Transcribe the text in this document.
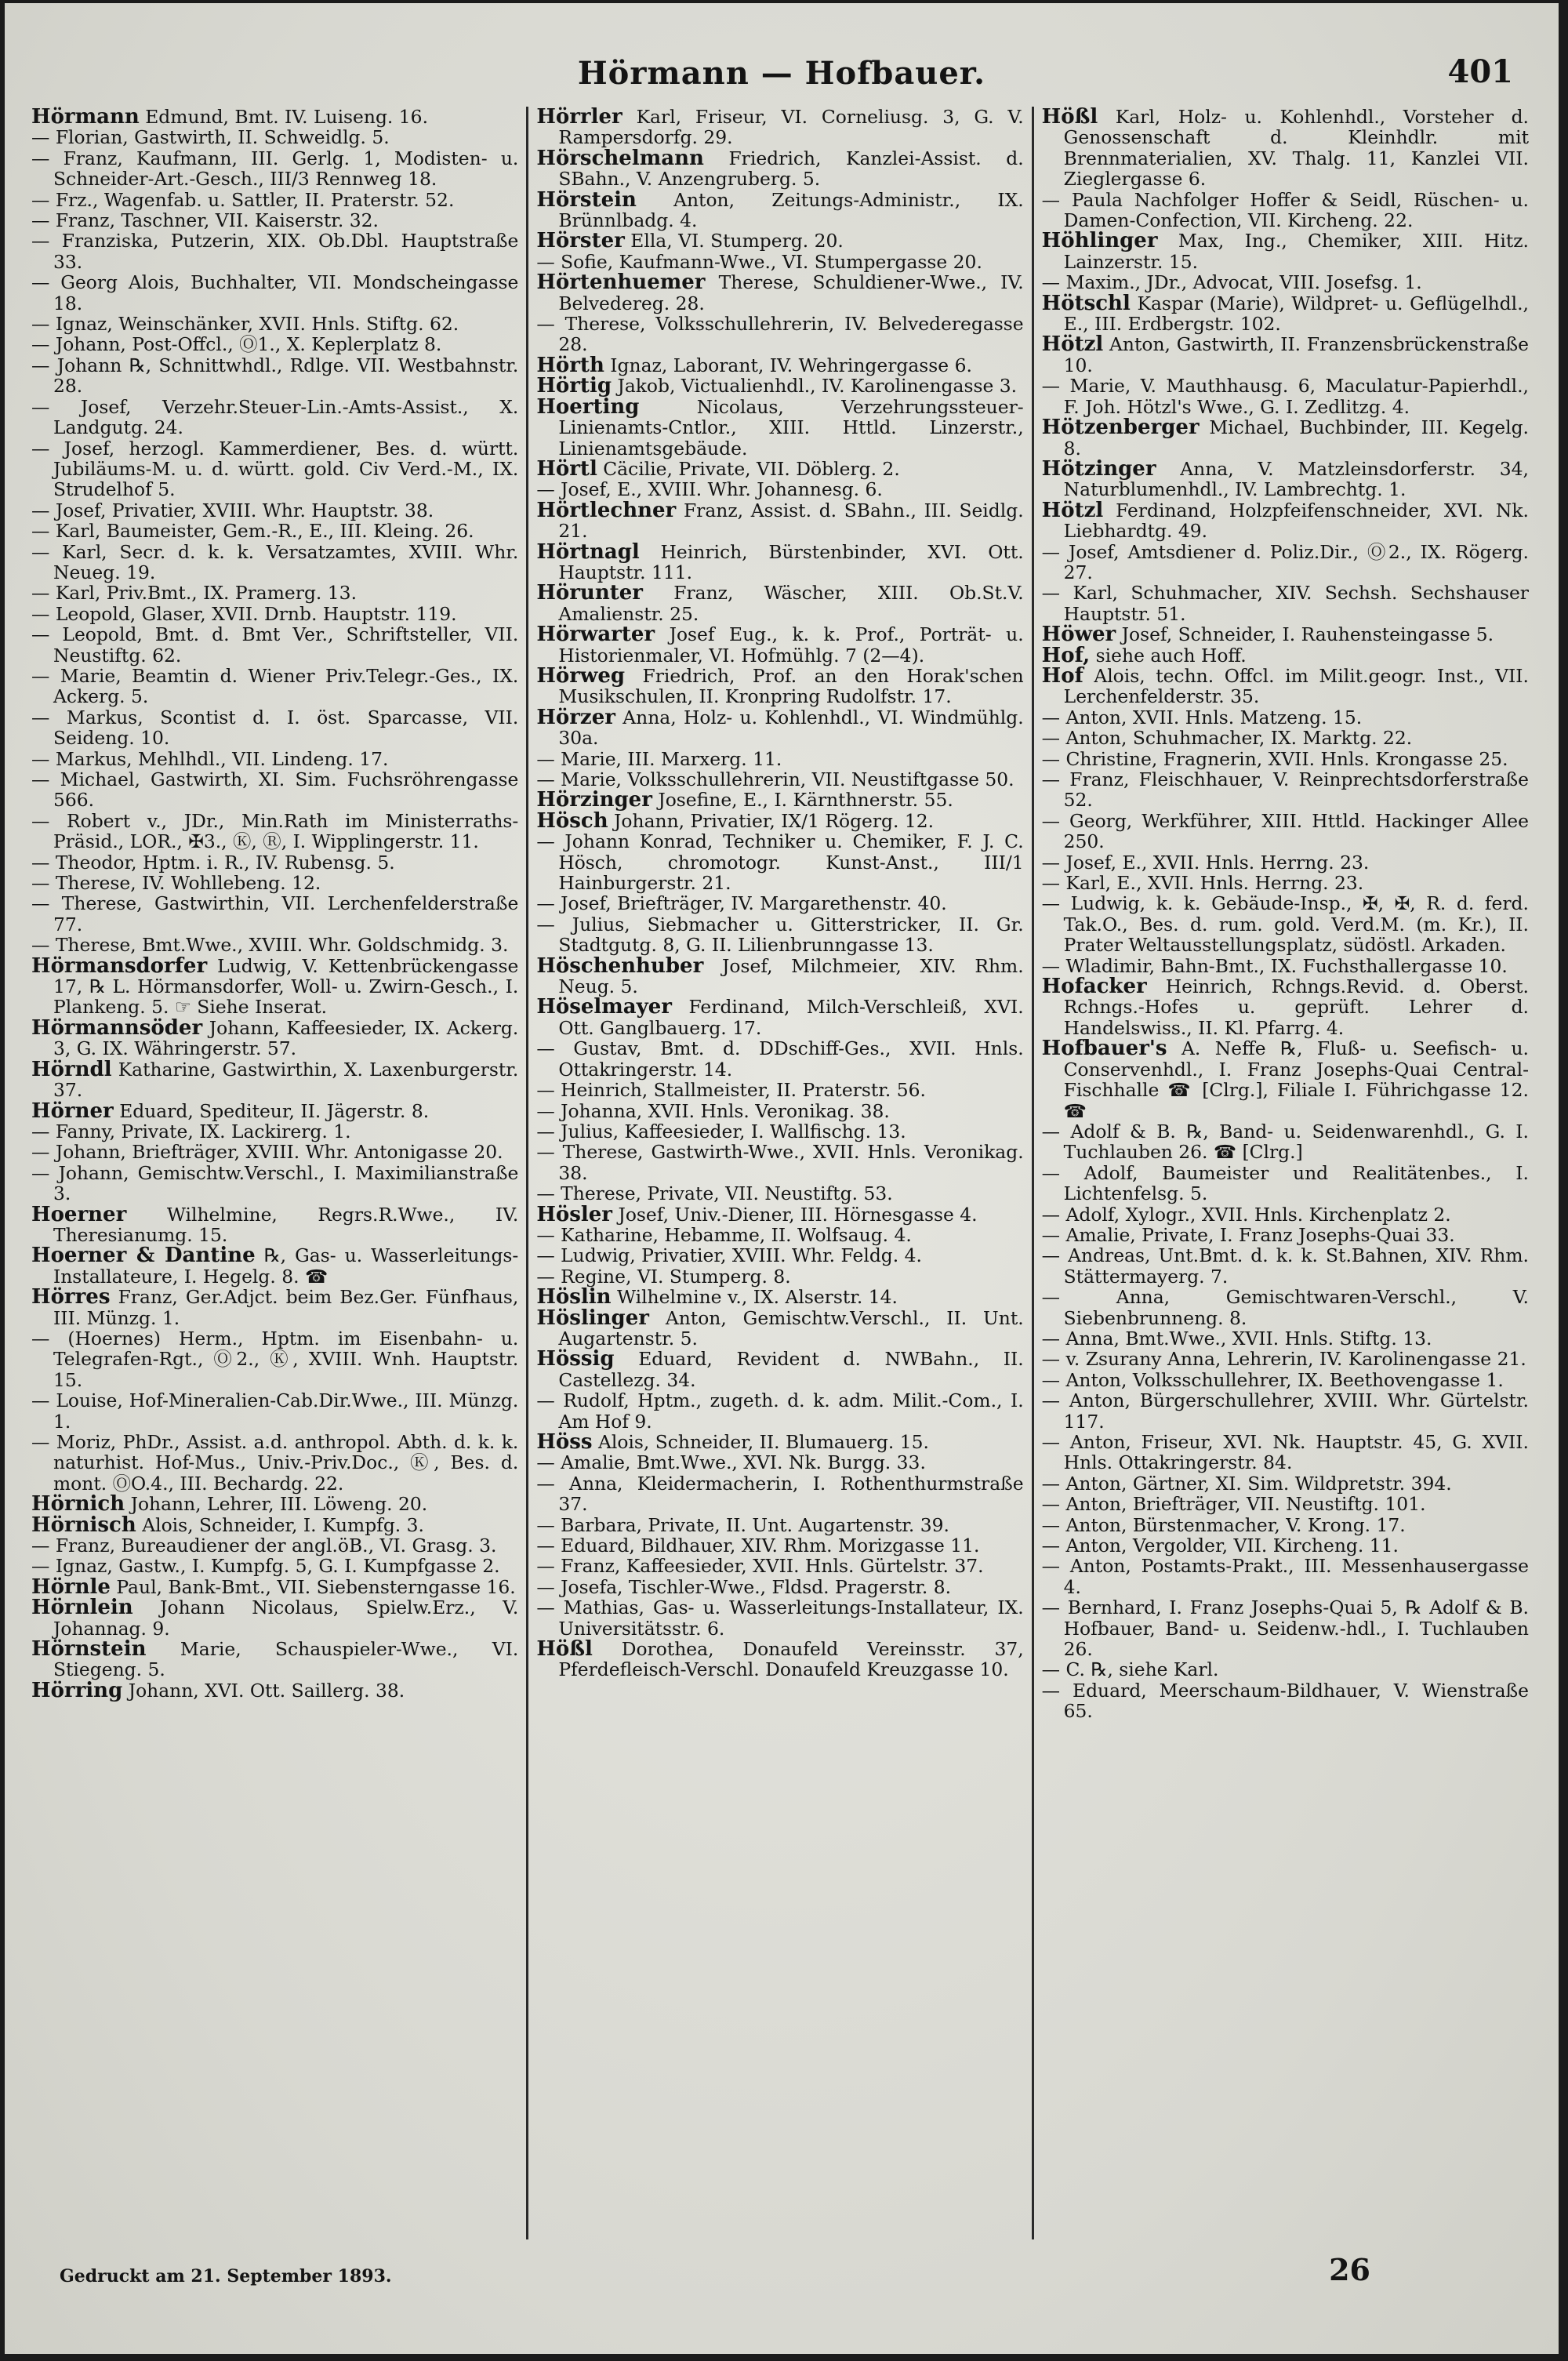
Hörmann — Hofbauer.	401

Hörmann Edmund, Bmt. IV. Luiseng. 16.

— Florian, Gastwirth, II. Schweidlg. 5.

— Franz, Kaufmann, III. Gerlg. 1, Modisten- u. Schneider-Art.-Gesch., III/3 Rennweg 18.

— Frz., Wagenfab. u. Sattler, II. Praterstr. 52.

— Franz, Taschner, VII. Kaiserstr. 32.

— Franziska, Putzerin, XIX. Ob.Dbl. Hauptstraße 33.

— Georg Alois, Buchhalter, VII. Mondscheingasse 18.

— Ignaz, Weinschänker, XVII. Hnls. Stiftg. 62.

— Johann, Post-Offcl., Ⓞ1., X. Keplerplatz 8.

— Johann ℞, Schnittwhdl., Rdlge. VII. Westbahnstr. 28.

— Josef, Verzehr.Steuer-Lin.-Amts-Assist., X. Landgutg. 24.

— Josef, herzogl. Kammerdiener, Bes. d. württ. Jubiläums-M. u. d. württ. gold. Civ Verd.-M., IX. Strudelhof 5.

— Josef, Privatier, XVIII. Whr. Hauptstr. 38.

— Karl, Baumeister, Gem.-R., E., III. Kleing. 26.

— Karl, Secr. d. k. k. Versatzamtes, XVIII. Whr. Neueg. 19.

— Karl, Priv.Bmt., IX. Pramerg. 13.

— Leopold, Glaser, XVII. Drnb. Hauptstr. 119.

— Leopold, Bmt. d. Bmt Ver., Schriftsteller, VII. Neustiftg. 62.

— Marie, Beamtin d. Wiener Priv.Telegr.-Ges., IX. Ackerg. 5.

— Markus, Scontist d. I. öst. Sparcasse, VII. Seideng. 10.

— Markus, Mehlhdl., VII. Lindeng. 17.

— Michael, Gastwirth, XI. Sim. Fuchsröhrengasse 566.

— Robert v., JDr., Min.Rath im Ministerraths-Präsid., LOR., ✠3., Ⓚ, Ⓡ, I. Wipplingerstr. 11.

— Theodor, Hptm. i. R., IV. Rubensg. 5.

— Therese, IV. Wohllebeng. 12.

— Therese, Gastwirthin, VII. Lerchenfelderstraße 77.

— Therese, Bmt.Wwe., XVIII. Whr. Goldschmidg. 3.

Hörmansdorfer Ludwig, V. Kettenbrückengasse 17, ℞ L. Hörmansdorfer, Woll- u. Zwirn-Gesch., I. Plankeng. 5. ☞ Siehe Inserat.

Hörmannsöder Johann, Kaffeesieder, IX. Ackerg. 3, G. IX. Währingerstr. 57.

Hörndl Katharine, Gastwirthin, X. Laxenburgerstr. 37.

Hörner Eduard, Spediteur, II. Jägerstr. 8.

— Fanny, Private, IX. Lackirerg. 1.

— Johann, Briefträger, XVIII. Whr. Antonigasse 20.

— Johann, Gemischtw.Verschl., I. Maximilianstraße 3.

Hoerner Wilhelmine, Regrs.R.Wwe., IV. Theresianumg. 15.

Hoerner & Dantine ℞, Gas- u. Wasserleitungs-Installateure, I. Hegelg. 8. ☎

Hörres Franz, Ger.Adjct. beim Bez.Ger. Fünfhaus, III. Münzg. 1.

— (Hoernes) Herm., Hptm. im Eisenbahn- u. Telegrafen-Rgt., Ⓞ2., Ⓚ, XVIII. Wnh. Hauptstr. 15.

— Louise, Hof-Mineralien-Cab.Dir.Wwe., III. Münzg. 1.

— Moriz, PhDr., Assist. a.d. anthropol. Abth. d. k. k. naturhist. Hof-Mus., Univ.-Priv.Doc., Ⓚ, Bes. d. mont. ⓄO.4., III. Bechardg. 22.

Hörnich Johann, Lehrer, III. Löweng. 20.

Hörnisch Alois, Schneider, I. Kumpfg. 3.

— Franz, Bureaudiener der angl.öB., VI. Grasg. 3.

— Ignaz, Gastw., I. Kumpfg. 5, G. I. Kumpfgasse 2.

Hörnle Paul, Bank-Bmt., VII. Siebensterngasse 16.

Hörnlein Johann Nicolaus, Spielw.Erz., V. Johannag. 9.

Hörnstein Marie, Schauspieler-Wwe., VI. Stiegeng. 5.

Hörring Johann, XVI. Ott. Saillerg. 38.

Hörrler Karl, Friseur, VI. Corneliusg. 3, G. V. Rampersdorfg. 29.

Hörschelmann Friedrich, Kanzlei-Assist. d. SBahn., V. Anzengruberg. 5.

Hörstein Anton, Zeitungs-Administr., IX. Brünnlbadg. 4.

Hörster Ella, VI. Stumperg. 20.

— Sofie, Kaufmann-Wwe., VI. Stumpergasse 20.

Hörtenhuemer Therese, Schuldiener-Wwe., IV. Belvedereg. 28.

— Therese, Volksschullehrerin, IV. Belvederegasse 28.

Hörth Ignaz, Laborant, IV. Wehringergasse 6.

Hörtig Jakob, Victualienhdl., IV. Karolinengasse 3.

Hoerting	Nicolaus, Verzehrungssteuer-Linienamts-Cntlor., XIII. Httld. Linzerstr., Linienamtsgebäude.

Hörtl Cäcilie, Private, VII. Döblerg. 2.

— Josef, E., XVIII. Whr. Johannesg. 6.

Hörtlechner Franz, Assist. d. SBahn., III. Seidlg. 21.

Hörtnagl Heinrich, Bürstenbinder, XVI. Ott. Hauptstr. 111.

Hörunter Franz, Wäscher, XIII. Ob.St.V. Amalienstr. 25.

Hörwarter Josef Eug., k. k. Prof., Porträt- u. Historienmaler, VI. Hofmühlg. 7 (2—4).

Hörweg Friedrich, Prof. an den Horak'schen Musikschulen, II. Kronpring Rudolfstr. 17.

Hörzer Anna, Holz- u. Kohlenhdl., VI. Windmühlg. 30a.

— Marie, III. Marxerg. 11.

— Marie, Volksschullehrerin, VII. Neustiftgasse 50.

Hörzinger Josefine, E., I. Kärnthnerstr. 55.

Hösch Johann, Privatier, IX/1 Rögerg. 12.

— Johann Konrad, Techniker u. Chemiker, F. J. C. Hösch, chromotogr. Kunst-Anst., III/1 Hainburgerstr. 21.

— Josef, Briefträger, IV. Margarethenstr. 40.

— Julius, Siebmacher u. Gitterstricker, II. Gr. Stadtgutg. 8, G. II. Lilienbrunngasse 13.

Höschenhuber Josef, Milchmeier, XIV. Rhm. Neug. 5.

Höselmayer Ferdinand, Milch-Verschleiß, XVI. Ott. Ganglbauerg. 17.

— Gustav, Bmt. d. DDschiff-Ges., XVII. Hnls. Ottakringerstr. 14.

— Heinrich, Stallmeister, II. Praterstr. 56.

— Johanna, XVII. Hnls. Veronikag. 38.

— Julius, Kaffeesieder, I. Wallfischg. 13.

— Therese, Gastwirth-Wwe., XVII. Hnls. Veronikag. 38.

— Therese, Private, VII. Neustiftg. 53.

Hösler Josef, Univ.-Diener, III. Hörnesgasse 4.

— Katharine, Hebamme, II. Wolfsaug. 4.

— Ludwig, Privatier, XVIII. Whr. Feldg. 4.

— Regine, VI. Stumperg. 8.

Höslin Wilhelmine v., IX. Alserstr. 14.

Höslinger Anton, Gemischtw.Verschl., II. Unt. Augartenstr. 5.

Hössig Eduard, Revident d. NWBahn., II. Castellezg. 34.

— Rudolf, Hptm., zugeth. d. k. adm. Milit.-Com., I. Am Hof 9.

Höss Alois, Schneider, II. Blumauerg. 15.

— Amalie, Bmt.Wwe., XVI. Nk. Burgg. 33.

— Anna, Kleidermacherin, I. Rothenthurmstraße 37.

— Barbara, Private, II. Unt. Augartenstr. 39.

— Eduard, Bildhauer, XIV. Rhm. Morizgasse 11.

— Franz, Kaffeesieder, XVII. Hnls. Gürtelstr. 37.

— Josefa, Tischler-Wwe., Fldsd. Pragerstr. 8.

— Mathias, Gas- u. Wasserleitungs-Installateur, IX. Universitätsstr. 6.

Hößl Dorothea, Donaufeld Vereinsstr. 37, Pferdefleisch-Verschl. Donaufeld Kreuzgasse 10.

Hößl Karl, Holz- u. Kohlenhdl., Vorsteher d. Genossenschaft d. Kleinhdlr. mit Brennmaterialien, XV. Thalg. 11, Kanzlei VII. Zieglergasse 6.

— Paula Nachfolger Hoffer & Seidl, Rüschen- u. Damen-Confection, VII. Kircheng. 22.

Höhlinger Max, Ing., Chemiker, XIII. Hitz. Lainzerstr. 15.

— Maxim., JDr., Advocat, VIII. Josefsg. 1.

Hötschl Kaspar (Marie), Wildpret- u. Geflügelhdl., E., III. Erdbergstr. 102.

Hötzl Anton, Gastwirth, II. Franzensbrückenstraße 10.

— Marie, V. Mauthhausg. 6, Maculatur-Papierhdl., F. Joh. Hötzl's Wwe., G. I. Zedlitzg. 4.

Hötzenberger Michael, Buchbinder, III. Kegelg. 8.

Hötzinger Anna, V. Matzleinsdorferstr. 34, Naturblumenhdl., IV. Lambrechtg. 1.

Hötzl Ferdinand, Holzpfeifenschneider, XVI. Nk. Liebhardtg. 49.

— Josef, Amtsdiener d. Poliz.Dir., Ⓞ2., IX. Rögerg. 27.

— Karl, Schuhmacher, XIV. Sechsh. Sechshauser Hauptstr. 51.

Höwer Josef, Schneider, I. Rauhensteingasse 5.

Hof, siehe auch Hoff.

Hof Alois, techn. Offcl. im Milit.geogr. Inst., VII. Lerchenfelderstr. 35.

— Anton, XVII. Hnls. Matzeng. 15.

— Anton, Schuhmacher, IX. Marktg. 22.

— Christine, Fragnerin, XVII. Hnls. Krongasse 25.

— Franz, Fleischhauer, V. Reinprechtsdorferstraße 52.

— Georg, Werkführer, XIII. Httld. Hackinger Allee 250.

— Josef, E., XVII. Hnls. Herrng. 23.

— Karl, E., XVII. Hnls. Herrng. 23.

— Ludwig, k. k. Gebäude-Insp., ✠, ✠, R. d. ferd. Tak.O., Bes. d. rum. gold. Verd.M. (m. Kr.), II. Prater Weltausstellungsplatz, südöstl. Arkaden.

— Wladimir, Bahn-Bmt., IX. Fuchsthallergasse 10.

Hofacker Heinrich, Rchngs.Revid. d. Oberst. Rchngs.-Hofes u. geprüft. Lehrer d. Handelswiss., II. Kl. Pfarrg. 4.

Hofbauer's A. Neffe ℞, Fluß- u. Seefisch- u. Conservenhdl., I. Franz Josephs-Quai Central-Fischhalle ☎ [Clrg.], Filiale I. Führichgasse 12. ☎

— Adolf & B. ℞, Band- u. Seidenwarenhdl., G. I. Tuchlauben 26. ☎ [Clrg.]

— Adolf, Baumeister und Realitätenbes., I. Lichtenfelsg. 5.

— Adolf, Xylogr., XVII. Hnls. Kirchenplatz 2.

— Amalie, Private, I. Franz Josephs-Quai 33.

— Andreas, Unt.Bmt. d. k. k. St.Bahnen, XIV. Rhm. Stättermayerg. 7.

— Anna, Gemischtwaren-Verschl., V. Siebenbrunneng. 8.

— Anna, Bmt.Wwe., XVII. Hnls. Stiftg. 13.

— v. Zsurany Anna, Lehrerin, IV. Karolinengasse 21.

— Anton, Volksschullehrer, IX. Beethovengasse 1.

— Anton, Bürgerschullehrer, XVIII. Whr. Gürtelstr. 117.

— Anton, Friseur, XVI. Nk. Hauptstr. 45, G. XVII. Hnls. Ottakringerstr. 84.

— Anton, Gärtner, XI. Sim. Wildpretstr. 394.

— Anton, Briefträger, VII. Neustiftg. 101.

— Anton, Bürstenmacher, V. Krong. 17.

— Anton, Vergolder, VII. Kircheng. 11.

— Anton, Postamts-Prakt., III. Messenhausergasse 4.

— Bernhard, I. Franz Josephs-Quai 5, ℞ Adolf & B. Hofbauer, Band- u. Seidenw.-hdl., I. Tuchlauben 26.

— C. ℞, siehe Karl.

— Eduard, Meerschaum-Bildhauer, V. Wienstraße 65.

Gedruckt am 21. September 1893.	26
